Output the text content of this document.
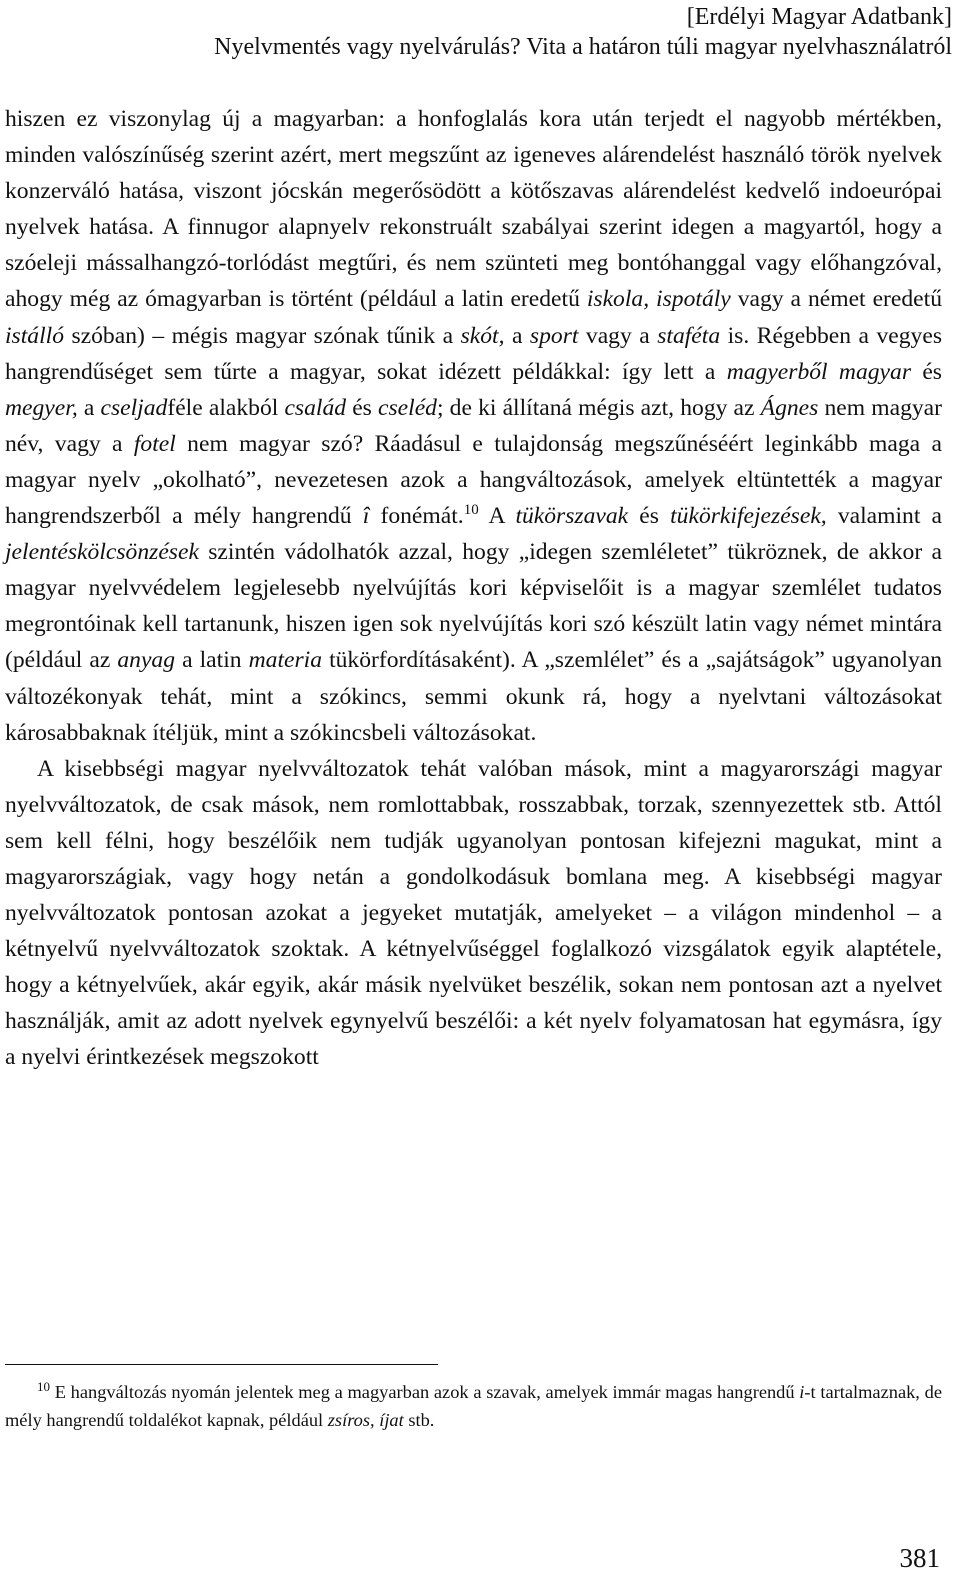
[Erdélyi Magyar Adatbank]
Nyelvmentés vagy nyelvárulás? Vita a határon túli magyar nyelvhasználatról

hiszen ez viszonylag új a magyarban: a honfoglalás kora után terjedt el nagyobb mértékben, minden valószínűség szerint azért, mert megszűnt az igeneves alárendelést használó török nyelvek konzerváló hatása, viszont jócskán megerősödött a kötőszavas alárendelést kedvelő indoeurópai nyelvek hatása. A finnugor alapnyelv rekonstruált szabályai szerint idegen a magyartól, hogy a szóeleji mássalhangzó-torlódást megtűri, és nem szünteti meg bontóhanggal vagy előhangzóval, ahogy még az ómagyarban is történt (például a latin eredetű iskola, ispotály vagy a német eredetű istálló szóban) – mégis magyar szónak tűnik a skót, a sport vagy a staféta is. Régebben a vegyes hangrendűséget sem tűrte a magyar, sokat idézett példákkal: így lett a magyerből magyar és megyer, a cseljadféle alakból család és cseléd; de ki állítaná mégis azt, hogy az Ágnes nem magyar név, vagy a fotel nem magyar szó? Ráadásul e tulajdonság megszűnéséért leginkább maga a magyar nyelv „okolható”, nevezetesen azok a hangváltozások, amelyek eltüntették a magyar hangrendszerből a mély hangrendű î fonémát.$^{10}$ A tükörszavak és tükörkifejezések, valamint a jelentéskölcsönzések szintén vádolhatók azzal, hogy „idegen szemléletet” tükröznek, de akkor a magyar nyelvvédelem legjelesebb nyelvújítás kori képviselőit is a magyar szemlélet tudatos megrontóinak kell tartanunk, hiszen igen sok nyelvújítás kori szó készült latin vagy német mintára (például az anyag a latin materia tükörfordításaként). A „szemlélet” és a „sajátságok” ugyanolyan változékonyak tehát, mint a szókincs, semmi okunk rá, hogy a nyelvtani változásokat károsabbaknak ítéljük, mint a szókincsbeli változásokat.

A kisebbségi magyar nyelvváltozatok tehát valóban mások, mint a magyarországi magyar nyelvváltozatok, de csak mások, nem romlottabbak, rosszabbak, torzak, szennyezettek stb. Attól sem kell félni, hogy beszélőik nem tudják ugyanolyan pontosan kifejezni magukat, mint a magyarországiak, vagy hogy netán a gondolkodásuk bomlana meg. A kisebbségi magyar nyelvváltozatok pontosan azokat a jegyeket mutatják, amelyeket – a világon mindenhol – a kétnyelvű nyelvváltozatok szoktak. A kétnyelvűséggel foglalkozó vizsgálatok egyik alaptétele, hogy a kétnyelvűek, akár egyik, akár másik nyelvüket beszélik, sokan nem pontosan azt a nyelvet használják, amit az adott nyelvek egynyelvű beszélői: a két nyelv folyamatosan hat egymásra, így a nyelvi érintkezések megszokott

$^{10}$ E hangváltozás nyomán jelentek meg a magyarban azok a szavak, amelyek immár magas hangrendű i-t tartalmaznak, de mély hangrendű toldalékot kapnak, például zsíros, íjat stb.

381
